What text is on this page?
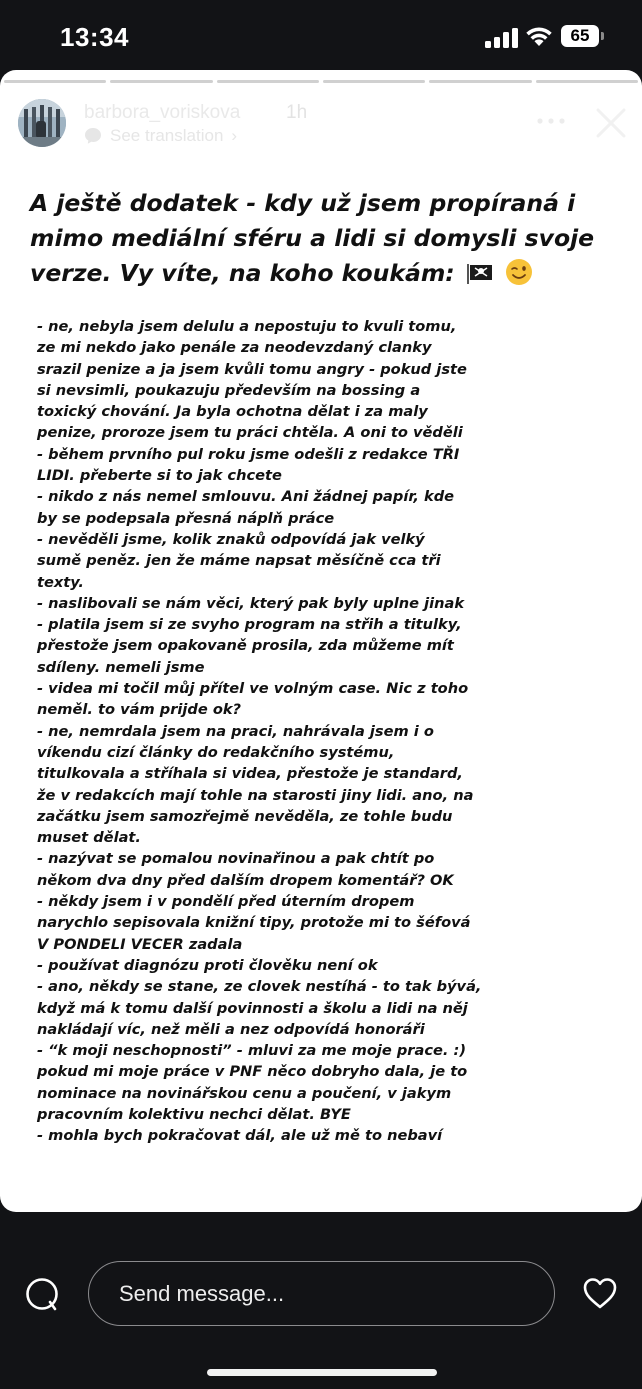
13:34	65
barbora_voriskova 1h
See translation ›
A ještě dodatek - kdy už jsem propíraná i mimo mediální sféru a lidi si domysli svoje verze. Vy víte, na koho koukám:
- ne, nebyla jsem delulu a nepostuju to kvuli tomu,
ze mi nekdo jako penále za neodevzdaný clanky
srazil penize a ja jsem kvůli tomu angry - pokud jste
si nevsimli, poukazuju především na bossing a
toxický chování. Ja byla ochotna dělat i za maly
penize, proroze jsem tu práci chtěla. A oni to věděli
- během prvního pul roku jsme odešli z redakce TŘI
LIDI. přeberte si to jak chcete
- nikdo z nás nemel smlouvu. Ani žádnej papír, kde
by se podepsala přesná náplň práce
- nevěděli jsme, kolik znaků odpovídá jak velký
sumě peněz. jen že máme napsat měsíčně cca tři
texty.
- naslibovali se nám věci, který pak byly uplne jinak
- platila jsem si ze svyho program na střih a titulky,
přestože jsem opakovaně prosila, zda můžeme mít
sdíleny. nemeli jsme
- videa mi točil můj přítel ve volným case. Nic z toho
neměl. to vám prijde ok?
- ne, nemrdala jsem na praci, nahrávala jsem i o
víkendu cizí články do redakčního systému,
titulkovala a stříhala si videa, přestože je standard,
že v redakcích mají tohle na starosti jiny lidi. ano, na
začátku jsem samozřejmě nevěděla, ze tohle budu
muset dělat.
- nazývat se pomalou novinařinou a pak chtít po
někom dva dny před dalším dropem komentář? OK
- někdy jsem i v pondělí před úterním dropem
narychlo sepisovala knižní tipy, protože mi to šéfová
V PONDELI VECER zadala
- používat diagnózu proti člověku není ok
- ano, někdy se stane, ze clovek nestíhá - to tak bývá,
když má k tomu další povinnosti a školu a lidi na něj
nakládají víc, než měli a nez odpovídá honoráři
- “k moji neschopnosti” - mluvi za me moje prace. :)
pokud mi moje práce v PNF něco dobryho dala, je to
nominace na novinářskou cenu a poučení, v jakym
pracovním kolektivu nechci dělat. BYE
- mohla bych pokračovat dál, ale už mě to nebaví
Send message...
